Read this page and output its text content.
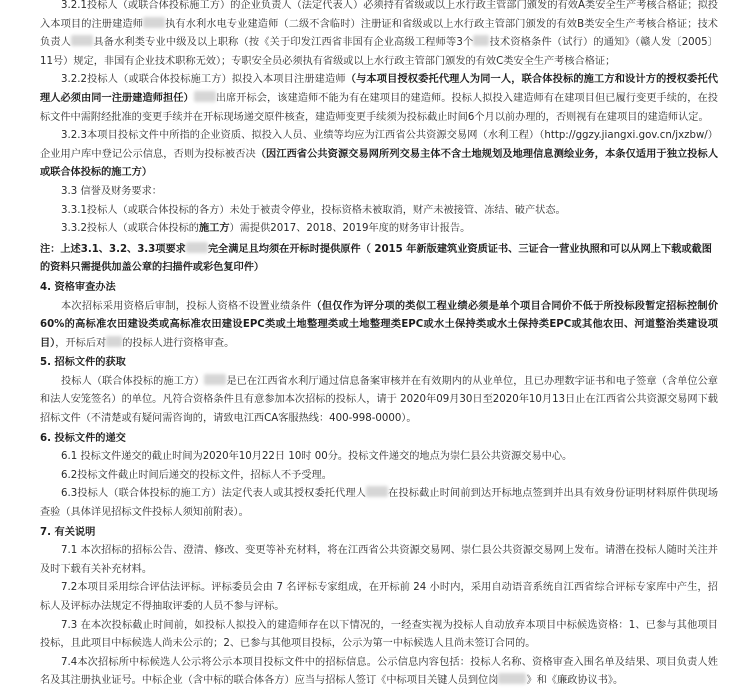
3.2.1投标人（或联合体投标施工方）的企业负责人（法定代表人）必须持有省级或以上水行政主管部门颁发的有效A类安全生产考核合格证；拟投入本项目的注册建造师 执有水利水电专业建造师（二级不含临时）注册证和省级或以上水行政主管部门颁发的有效B类安全生产考核合格证；技术负责人 具备水利类专业中级及以上职称（按《关于印发江西省非国有企业高级工程师等3个 技术资格条件（试行）的通知》（赣人发〔2005〕11号）规定，非国有企业技术职称无效）；专职安全员必须执有省级或以上水行政主管部门颁发的有效C类安全生产考核合格证；

3.2.2投标人（或联合体投标施工方）拟投入本项目注册建造师（与本项目授权委托代理人为同一人，联合体投标的施工方和设计方的授权委托代理人必须由同一注册建造师担任） 出席开标会，该建造师不能为有在建项目的建造师。投标人拟投入建造师有在建项目但已履行变更手续的，在投标文件中需附经批准的变更手续并在开标现场递交原件核查，建造师变更手续须为投标截止时间6个月以前办理的，否则视有在建项目的建造师认定。

3.2.3本项目投标文件中所指的企业资质、拟投入人员、业绩等均应为江西省公共资源交易网（水利工程）（http://ggzy.jiangxi.gov.cn/jxzbw/）企业用户库中登记公示信息，否则为投标被否决（因江西省公共资源交易网所列交易主体不含土地规划及地理信息测绘业务，本条仅适用于独立投标人或联合体投标的施工方）

3.3 信誉及财务要求：

3.3.1投标人（或联合体投标的各方）未处于被责令停业，投标资格未被取消，财产未被接管、冻结、破产状态。

3.3.2投标人（或联合体投标的施工方）需提供2017、2018、2019年度的财务审计报告。

注：上述3.1、3.2、3.3项要求 完全满足且均须在开标时提供原件（ 2015 年新版建筑业资质证书、三证合一营业执照和可以从网上下载或截图的资料只需提供加盖公章的扫描件或彩色复印件）

4. 资格审查办法

本次招标采用资格后审制，投标人资格不设置业绩条件（但仅作为评分项的类似工程业绩必须是单个项目合同价不低于所投标段暂定招标控制价60%的高标准农田建设类或高标准农田建设EPC类或土地整理类或土地整理类EPC或水土保持类或水土保持类EPC或其他农田、河道整治类建设项目），开标后对 的投标人进行资格审查。

5. 招标文件的获取

投标人（联合体投标的施工方） 是已在江西省水利厅通过信息备案审核并在有效期内的从业单位，且已办理数字证书和电子签章（含单位公章和法人安笼签名）的单位。凡符合资格条件且有意参加本次招标的投标人，请于 2020年09月30日至2020年10月13日止在江西省公共资源交易网下载招标文件（不清楚或有疑问需咨询的，请致电江西CA客服热线：400-998-0000）。

6. 投标文件的递交

6.1 投标文件递交的截止时间为2020年10月22日 10时 00分。投标文件递交的地点为崇仁县公共资源交易中心。

6.2投标文件截止时间后递交的投标文件，招标人不予受理。

6.3投标人（联合体投标的施工方）法定代表人或其授权委托代理人 在投标截止时间前到达开标地点签到并出具有效身份证明材料原件供现场查验（具体详见招标文件投标人须知前附表）。

7. 有关说明

7.1 本次招标的招标公告、澄清、修改、变更等补充材料，将在江西省公共资源交易网、崇仁县公共资源交易网上发布。请潜在投标人随时关注并及时下载有关补充材料。

7.2本项目采用综合评估法评标。评标委员会由 7 名评标专家组成，在开标前 24 小时内，采用自动语音系统自江西省综合评标专家库中产生，招标人及评标办法规定不得抽取评委的人员不参与评标。

7.3 在本次投标截止时间前，如投标人拟投入的建造师存在以下情况的，一经查实视为投标人自动放弃本项目中标候选资格：1、已参与其他项目投标，且此项目中标候选人尚未公示的；2、已参与其他项目投标，公示为第一中标候选人且尚未签订合同的。

7.4本次招标所中标候选人公示将公示本项目投标文件中的招标信息。公示信息内容包括：投标人名称、资格审查入围名单及结果、项目负责人姓名及其注册执业证号。中标企业（含中标的联合体各方）应当与招标人签订《中标项目关键人员到位岗	》和《廉政协议书》。
